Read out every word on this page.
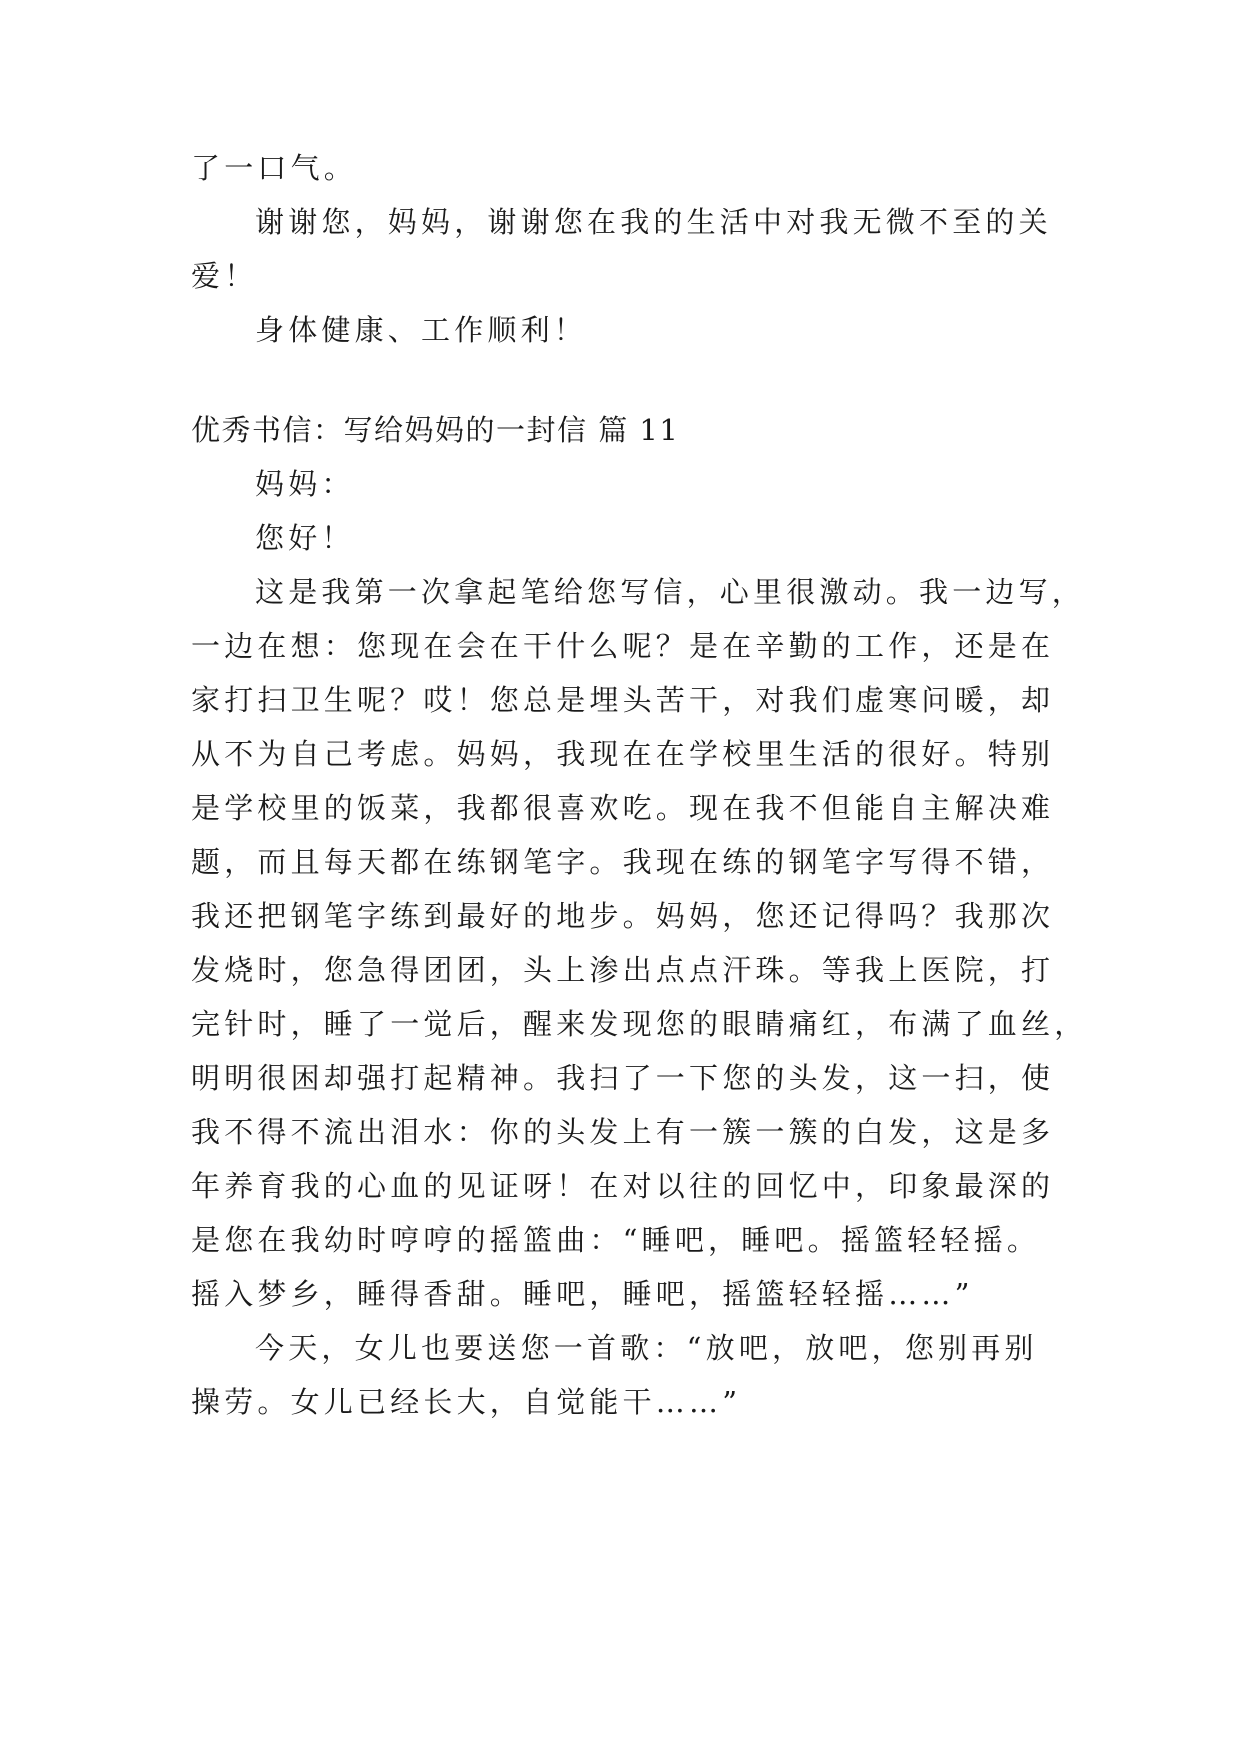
了一口气。
谢谢您，妈妈，谢谢您在我的生活中对我无微不至的关
爱！
身体健康、工作顺利！
优秀书信：写给妈妈的一封信 篇 11
妈妈：
您好！
这是我第一次拿起笔给您写信，心里很激动。我一边写，
一边在想：您现在会在干什么呢？是在辛勤的工作，还是在
家打扫卫生呢？哎！您总是埋头苦干，对我们虚寒问暖，却
从不为自己考虑。妈妈，我现在在学校里生活的很好。特别
是学校里的饭菜，我都很喜欢吃。现在我不但能自主解决难
题，而且每天都在练钢笔字。我现在练的钢笔字写得不错，
我还把钢笔字练到最好的地步。妈妈，您还记得吗？我那次
发烧时，您急得团团，头上渗出点点汗珠。等我上医院，打
完针时，睡了一觉后，醒来发现您的眼睛痛红，布满了血丝，
明明很困却强打起精神。我扫了一下您的头发，这一扫，使
我不得不流出泪水：你的头发上有一簇一簇的白发，这是多
年养育我的心血的见证呀！在对以往的回忆中，印象最深的
是您在我幼时哼哼的摇篮曲：“睡吧，睡吧。摇篮轻轻摇。
摇入梦乡，睡得香甜。睡吧，睡吧，摇篮轻轻摇……”
今天，女儿也要送您一首歌：“放吧，放吧，您别再别
操劳。女儿已经长大，自觉能干……”
